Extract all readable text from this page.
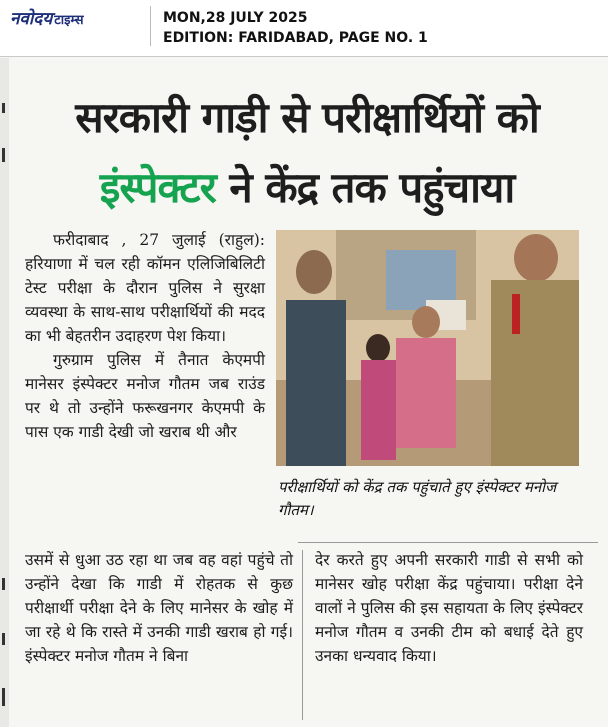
नवोदय टाइम्स	MON,28 JULY 2025
EDITION: FARIDABAD, PAGE NO. 1
सरकारी गाड़ी से परीक्षार्थियों को
इंस्पेक्टर ने केंद्र तक पहुंचाया

फरीदाबाद , 27 जुलाई (राहुल): हरियाणा में चल रही कॉमन एलिजिबिलिटी टेस्ट परीक्षा के दौरान पुलिस ने सुरक्षा व्यवस्था के साथ-साथ परीक्षार्थियों की मदद का भी बेहतरीन उदाहरण पेश किया।

गुरुग्राम पुलिस में तैनात केएमपी मानेसर इंस्पेक्टर मनोज गौतम जब राउंड पर थे तो उन्होंने फरूखनगर केएमपी के पास एक गाडी देखी जो खराब थी और

परीक्षार्थियों को केंद्र तक पहुंचाते हुए इंस्पेक्टर मनोज गौतम।
उसमें से धुआ उठ रहा था जब वह वहां पहुंचे तो उन्होंने देखा कि गाडी में रोहतक से कुछ परीक्षार्थी परीक्षा देने के लिए मानेसर के खोह में जा रहे थे कि रास्ते में उनकी गाडी खराब हो गई। इंस्पेक्टर मनोज गौतम ने बिना
देर करते हुए अपनी सरकारी गाडी से सभी को मानेसर खोह परीक्षा केंद्र पहुंचाया। परीक्षा देने वालों ने पुलिस की इस सहायता के लिए इंस्पेक्टर मनोज गौतम व उनकी टीम को बधाई देते हुए उनका धन्यवाद किया।
